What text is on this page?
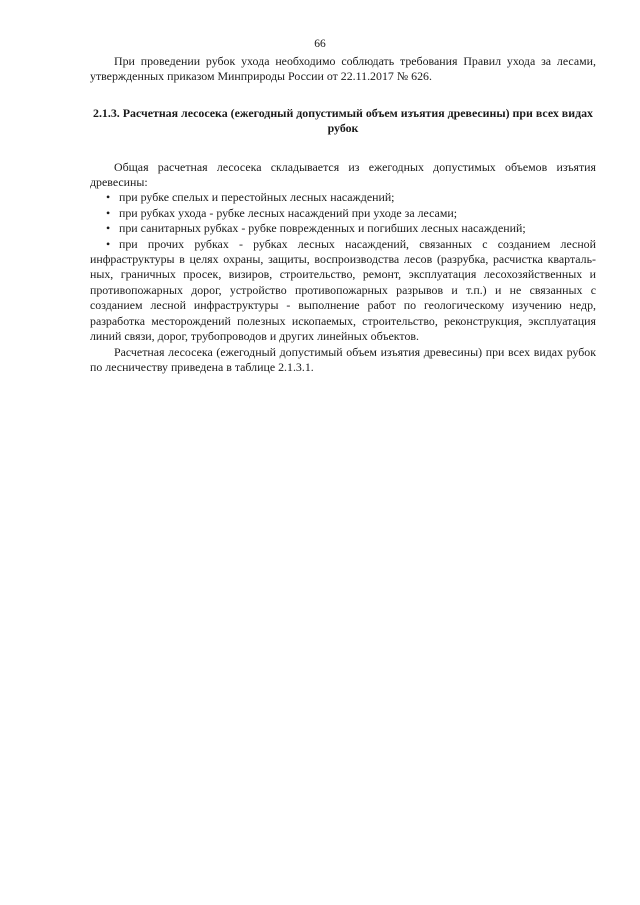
66

При проведении рубок ухода необходимо соблюдать требования Правил ухода за лесами, утвержденных приказом Минприроды России от 22.11.2017 № 626.

2.1.3. Расчетная лесосека (ежегодный допустимый объем изъятия древесины) при всех видах рубок

Общая расчетная лесосека складывается из ежегодных допустимых объемов изъятия древесины:

• при рубке спелых и перестойных лесных насаждений;
• при рубках ухода - рубке лесных насаждений при уходе за лесами;
• при санитарных рубках - рубке поврежденных и погибших лесных насаждений;
• при прочих рубках - рубках лесных насаждений, связанных с созданием лесной инфраструктуры в целях охраны, защиты, воспроизводства лесов (разрубка, расчистка квартальных, граничных просек, визиров, строительство, ремонт, эксплуатация лесохозяйственных и противопожарных дорог, устройство противопожарных разрывов и т.п.) и не связанных с созданием лесной инфраструктуры - выполнение работ по геологическому изучению недр, разработка месторождений полезных ископаемых, строительство, реконструкция, эксплуатация линий связи, дорог, трубопроводов и других линейных объектов.

Расчетная лесосека (ежегодный допустимый объем изъятия древесины) при всех видах рубок по лесничеству приведена в таблице 2.1.3.1.
